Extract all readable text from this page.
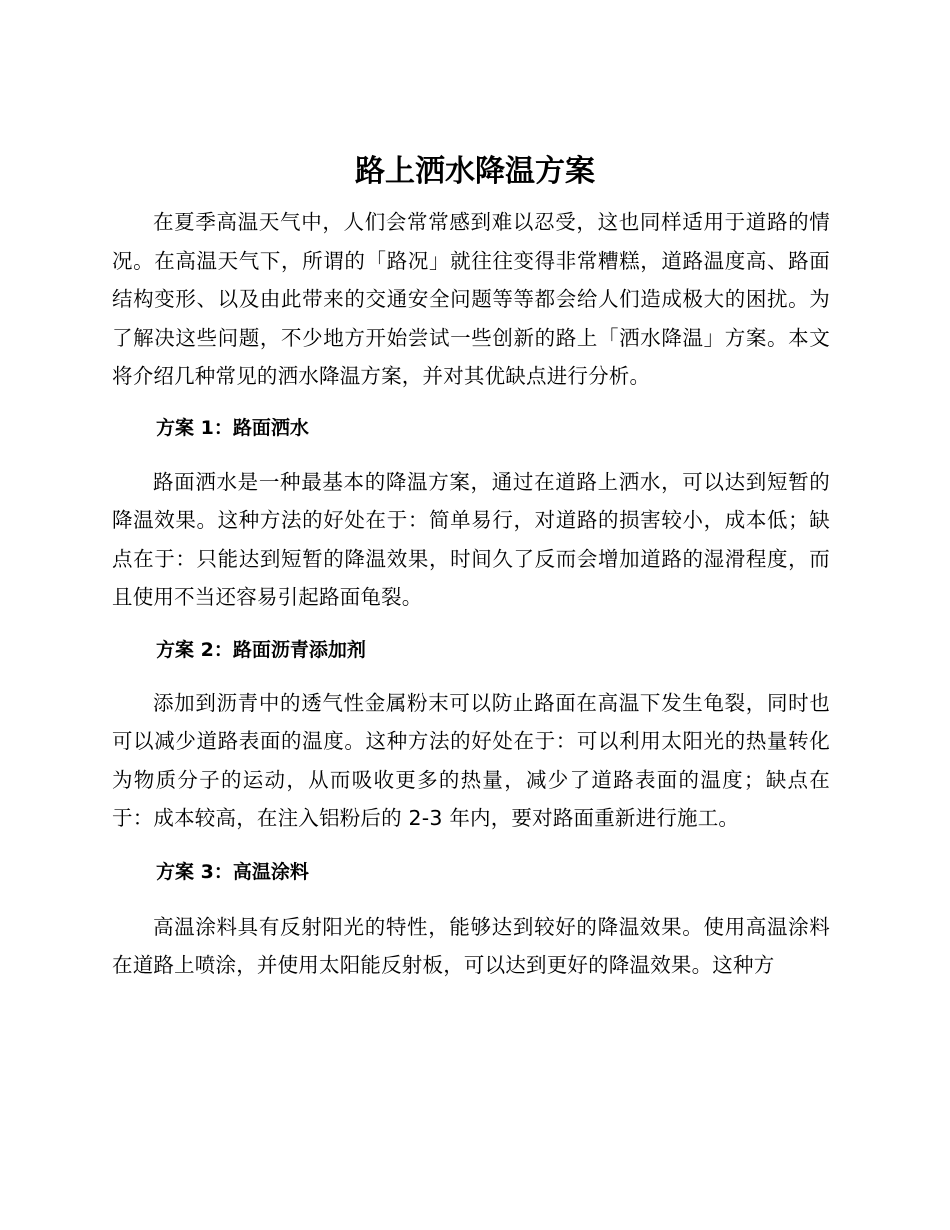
路上洒水降温方案

在夏季高温天气中，人们会常常感到难以忍受，这也同样适用于道路的情况。在高温天气下，所谓的「路况」就往往变得非常糟糕，道路温度高、路面结构变形、以及由此带来的交通安全问题等等都会给人们造成极大的困扰。为了解决这些问题，不少地方开始尝试一些创新的路上「洒水降温」方案。本文将介绍几种常见的洒水降温方案，并对其优缺点进行分析。

方案 1：路面洒水

路面洒水是一种最基本的降温方案，通过在道路上洒水，可以达到短暂的降温效果。这种方法的好处在于：简单易行，对道路的损害较小，成本低；缺点在于：只能达到短暂的降温效果，时间久了反而会增加道路的湿滑程度，而且使用不当还容易引起路面龟裂。

方案 2：路面沥青添加剂

添加到沥青中的透气性金属粉末可以防止路面在高温下发生龟裂，同时也可以减少道路表面的温度。这种方法的好处在于：可以利用太阳光的热量转化为物质分子的运动，从而吸收更多的热量，减少了道路表面的温度；缺点在于：成本较高，在注入铝粉后的 2-3 年内，要对路面重新进行施工。

方案 3：高温涂料

高温涂料具有反射阳光的特性，能够达到较好的降温效果。使用高温涂料在道路上喷涂，并使用太阳能反射板，可以达到更好的降温效果。这种方
